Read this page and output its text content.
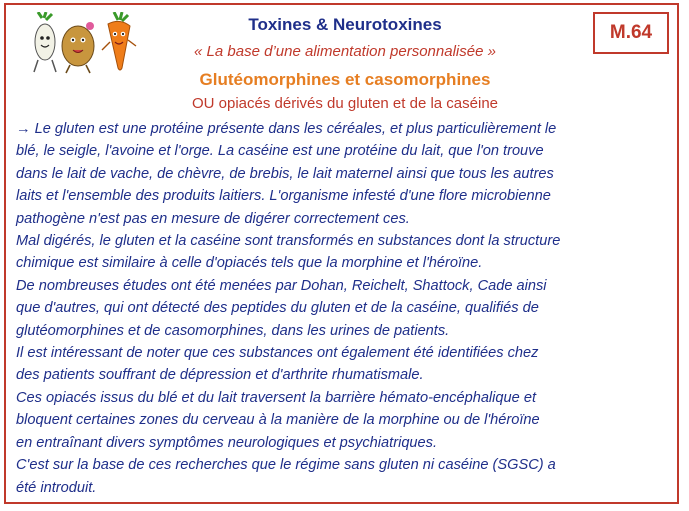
M.64
Toxines & Neurotoxines
« La base d’une alimentation personnalisée »
Glutéomorphines et casomorphines
OU opiacés dérivés du gluten et de la caséine
→ Le gluten est une protéine présente dans les céréales, et plus particulièrement le
blé, le seigle, l'avoine et l'orge. La caséine est une protéine du lait, que l'on trouve
dans le lait de vache, de chèvre, de brebis, le lait maternel ainsi que tous les autres
laits et l'ensemble des produits laitiers. L'organisme infesté d'une flore microbienne
pathogène n'est pas en mesure de digérer correctement ces.
Mal digérés, le gluten et la caséine sont transformés en substances dont la structure
chimique est similaire à celle d'opiacés tels que la morphine et l'héroïne.
De nombreuses études ont été menées par Dohan, Reichelt, Shattock, Cade ainsi
que d'autres, qui ont détecté des peptides du gluten et de la caséine, qualifiés de
glutéomorphines et de casomorphines, dans les urines de patients.
Il est intéressant de noter que ces substances ont également été identifiées chez
des patients souffrant de dépression et d'arthrite rhumatismale.
Ces opiacés issus du blé et du lait traversent la barrière hémato-encéphalique et
bloquent certaines zones du cerveau à la manière de la morphine ou de l'héroïne
en entraînant divers symptômes neurologiques et psychiatriques.
C'est sur la base de ces recherches que le régime sans gluten ni caséine (SGSC) a
été introduit.
